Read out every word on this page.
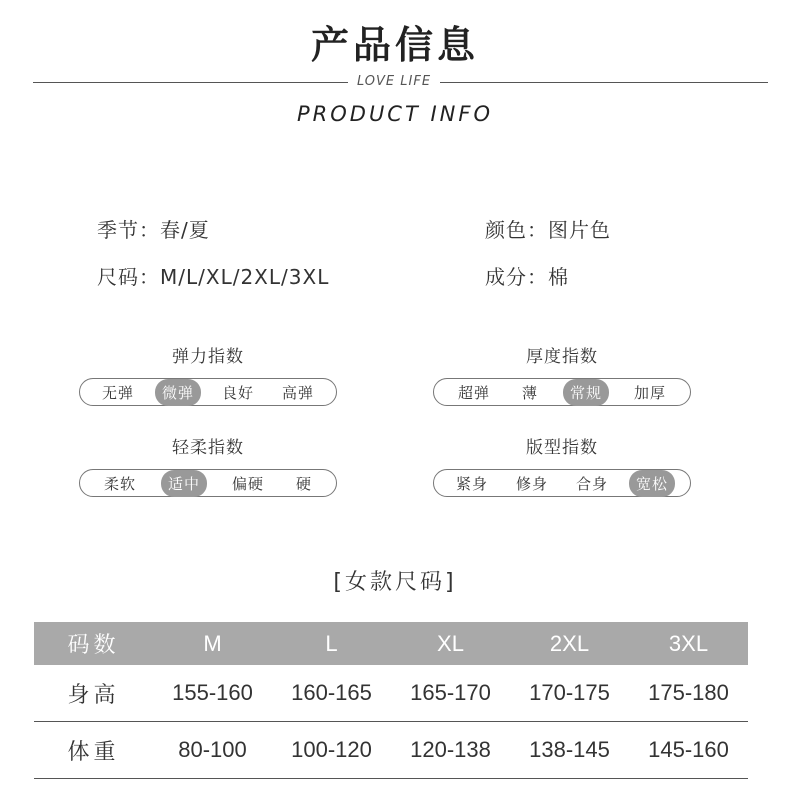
产品信息
LOVE LIFE
PRODUCT INFO
季节：春/夏	颜色：图片色
尺码：M/L/XL/2XL/3XL	成分：棉
弹力指数
无弹	微弹	良好	高弹
厚度指数
超弹	薄	常规	加厚
轻柔指数
柔软	适中	偏硬	硬
版型指数
紧身	修身	合身	宽松
[女款尺码]
码数	M	L	XL	2XL	3XL
身高	155-160	160-165	165-170	170-175	175-180
体重	80-100	100-120	120-138	138-145	145-160
